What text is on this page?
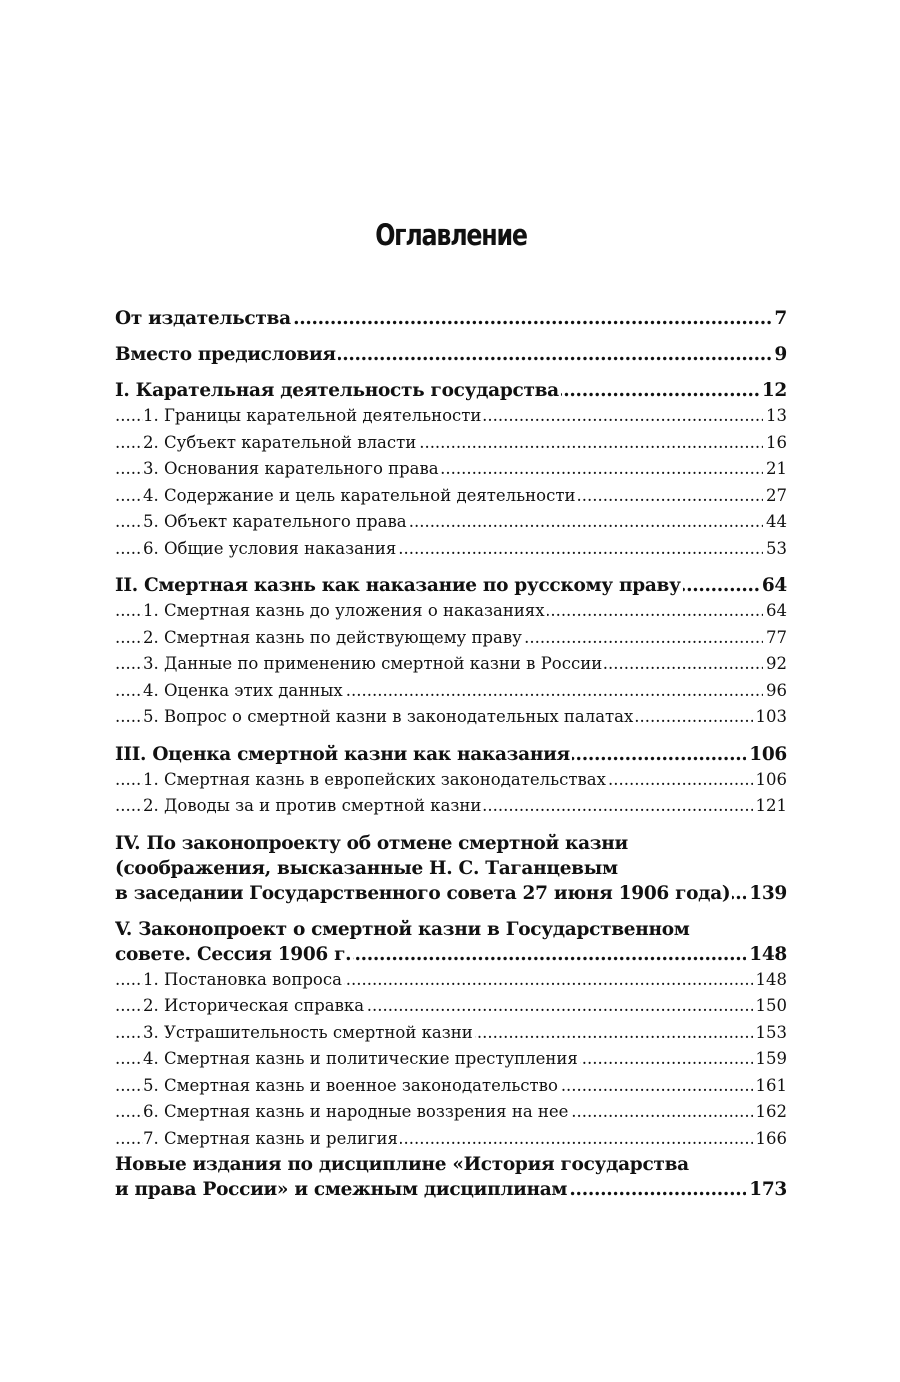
Оглавление
От издательства	7
.....
Вместо предисловия	9
.....
I. Карательная деятельность государства	12
.....
1. Границы карательной деятельности	13
.....
2. Субъект карательной власти	16
.....
3. Основания карательного права	21
.....
4. Содержание и цель карательной деятельности	27
.....
5. Объект карательного права	44
.....
6. Общие условия наказания	53
.....
II. Смертная казнь как наказание по русскому праву	64
.....
1. Смертная казнь до уложения о наказаниях	64
.....
2. Смертная казнь по действующему праву	77
.....
3. Данные по применению смертной казни в России	92
.....
4. Оценка этих данных	96
.....
5. Вопрос о смертной казни в законодательных палатах	103
.....
III. Оценка смертной казни как наказания	106
.....
1. Смертная казнь в европейских законодательствах	106
.....
2. Доводы за и против смертной казни	121
.....
IV. По законопроекту об отмене смертной казни
(соображения, высказанные Н. С. Таганцевым
в заседании Государственного совета 27 июня 1906 года) 139
.....
V. Законопроект о смертной казни в Государственном
совете. Сессия 1906 г.	148
.....
1. Постановка вопроса	148
.....
2. Историческая справка	150
.....
3. Устрашительность смертной казни	153
.....
4. Смертная казнь и политические преступления	159
.....
5. Смертная казнь и военное законодательство	161
.....
6. Смертная казнь и народные воззрения на нее	162
.....
7. Смертная казнь и религия	166
.....
Новые издания по дисциплине «История государства
и права России» и смежным дисциплинам	173
.....
